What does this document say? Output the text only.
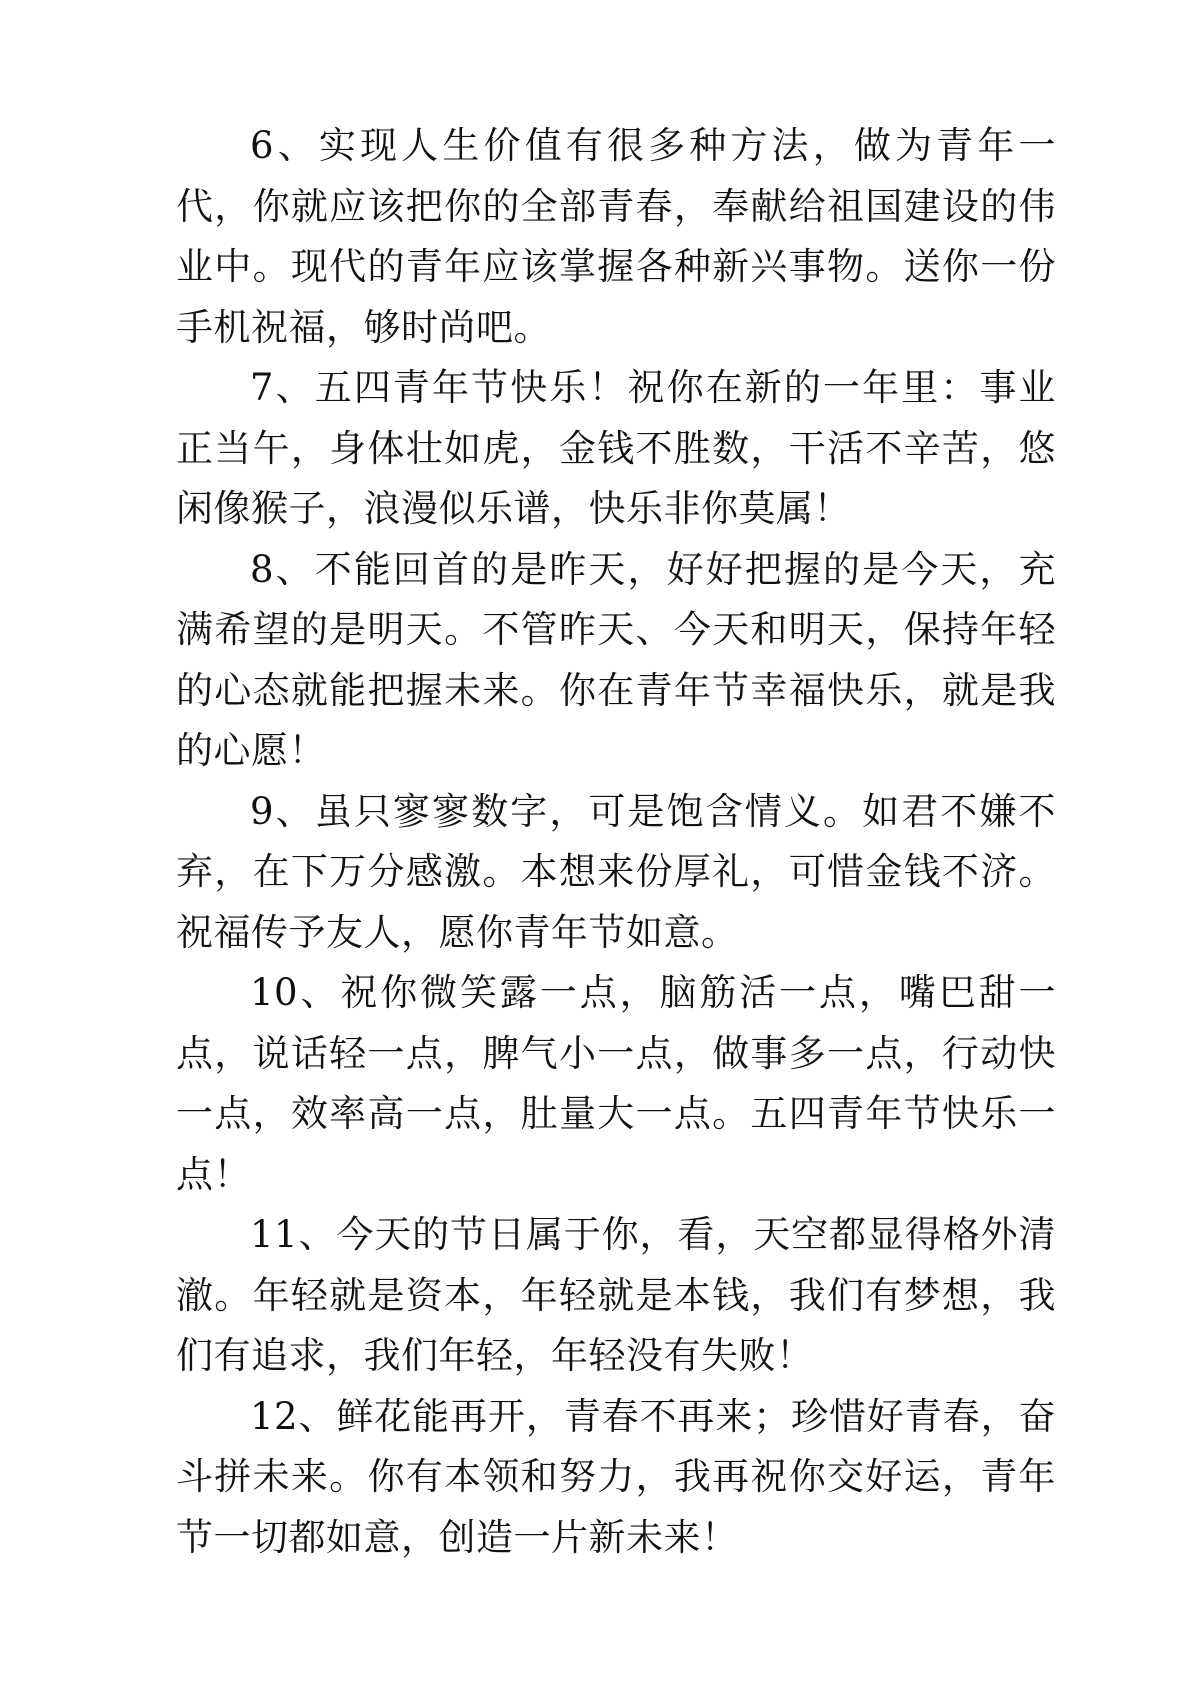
6、实现人生价值有很多种方法，做为青年一代，你就应该把你的全部青春，奉献给祖国建设的伟业中。现代的青年应该掌握各种新兴事物。送你一份手机祝福，够时尚吧。

7、五四青年节快乐！祝你在新的一年里：事业正当午，身体壮如虎，金钱不胜数，干活不辛苦，悠闲像猴子，浪漫似乐谱，快乐非你莫属！

8、不能回首的是昨天，好好把握的是今天，充满希望的是明天。不管昨天、今天和明天，保持年轻的心态就能把握未来。你在青年节幸福快乐，就是我的心愿！

9、虽只寥寥数字，可是饱含情义。如君不嫌不弃，在下万分感激。本想来份厚礼，可惜金钱不济。祝福传予友人，愿你青年节如意。

10、祝你微笑露一点，脑筋活一点，嘴巴甜一点，说话轻一点，脾气小一点，做事多一点，行动快一点，效率高一点，肚量大一点。五四青年节快乐一点！

11、今天的节日属于你，看，天空都显得格外清澈。年轻就是资本，年轻就是本钱，我们有梦想，我们有追求，我们年轻，年轻没有失败！

12、鲜花能再开，青春不再来；珍惜好青春，奋斗拼未来。你有本领和努力，我再祝你交好运，青年节一切都如意，创造一片新未来！
